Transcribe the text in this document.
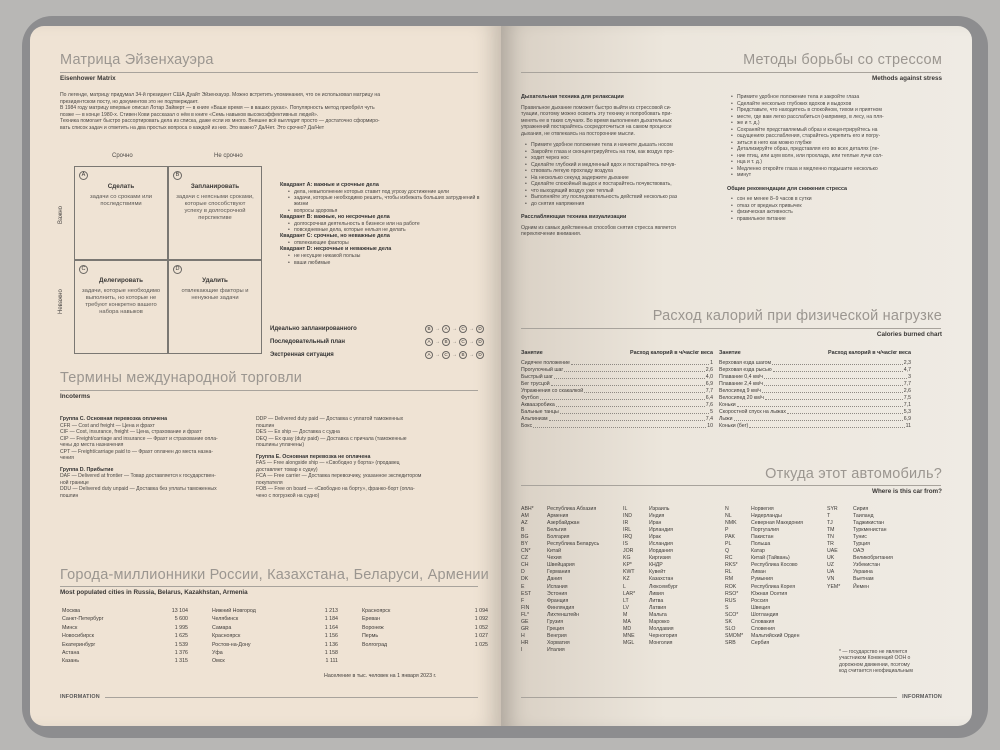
Матрица Эйзенхауэра
Eisenhower Matrix
По легенде, матрицу придумал 34-й президент США Дуайт Эйзенхауэр. Можно встретить упоминания, что он использовал матрицу на
президентском посту, но документов это не подтверждает.
В 1984 году матрицу впервые описал Лотар Зайверт — в книге «Ваше время — в ваших руках». Популярность метод приобрёл чуть
позже — в конце 1980-х. Стивен Кови рассказал о нём в книге «Семь навыков высокоэффективных людей».
Техника помогает быстро рассортировать дела из списка, даже если их много. Внешне всё выглядит просто — достаточно сформиро-
вать список задач и ответить на два простых вопроса о каждой из них. Это важно? Да/Нет. Это срочно? Да/Нет
Срочно	Не срочно
Важно
Неважно
A
Сделать
задачи со сроками или последствиями
B
Запланировать
задачи с неясными сроками, которые способствуют успеху в долгосрочной перспективе
C
Делегировать
задачи, которые необходимо выполнить, но которые не требуют конкретно вашего набора навыков
D
Удалить
отвлекающие факторы и ненужные задачи
Квадрант A: важные и срочные дела
• дела, невыполнение которых ставит под угрозу достижение цели
• задачи, которые необходимо решить, чтобы избежать больших затруднений в жизни
• вопросы здоровья
Квадрант B: важные, но несрочные дела
• долгосрочная деятельность в бизнесе или на работе
• повседневные дела, которые нельзя не делать
Квадрант C: срочные, но неважные дела
• отвлекающие факторы
Квадрант D: несрочные и неважные дела
• не несущие никакой пользы
• ваши любимые
Идеально запланированного	B → A → C → D
Последовательный план	A → B → C → D
Экстренная ситуация	A → C → B → D
Термины международной торговли
Incoterms

Группа C. Основная перевозка оплачена

CFR — Cost and freight — Цена и фрахт

CIF — Cost, insurance, freight — Цена, страхование и фрахт

CIP — Freight/carriage and insurance — Фрахт и страхование опла-

чены до места назначения

CPT — Freight/carriage paid to — Фрахт оплачен до места назна-

чения

Группа D. Прибытие

DAF — Delivered at frontier — Товар доставляется к государствен-

ной границе

DDU — Delivered duty unpaid — Доставка без уплаты таможенных

пошлин

DDP — Delivered duty paid — Доставка с уплатой таможенных

пошлин

DES — Ex ship — Доставка с судна

DEQ — Ex quay (duty paid) — Доставка с причала (таможенные

пошлины уплачены)

Группа E. Основная перевозка не оплачена

FAS — Free alongside ship — «Свободно у борта» (продавец

доставляет товар к судну)

FCA — Free carrier — Доставка перевозчику, указанное экспедитором

покупателя

FOB — Free on board — «Свободно на борту», франко-борт (опла-

чено с погрузкой на судно)

Города-миллионники России, Казахстана, Беларуси, Армении
Most populated cities in Russia, Belarus, Kazakhstan, Armenia
Москва	13 104
Санкт-Петербург	5 600
Минск	1 995
Новосибирск	1 625
Екатеринбург	1 539
Астана	1 376
Казань	1 315
Нижний Новгород	1 213
Челябинск	1 184
Самара	1 164
Красноярск	1 156
Ростов-на-Дону	1 136
Уфа	1 158
Омск	1 111
Красноярск	1 094
Ереван	1 092
Воронеж	1 052
Пермь	1 027
Волгоград	1 025
Население в тыс. человек на 1 января 2023 г.
INFORMATION
Методы борьбы со стрессом
Methods against stress
Дыхательная техника для релаксации
Правильное дыхание поможет быстро выйти из стрессовой си-
туации, поэтому можно освоить эту технику и попробовать при-
менять ее в таких случаях. Во время выполнения дыхательных
упражнений постарайтесь сосредоточиться на самом процессе
дыхания, не отвлекаясь на посторонние мысли.
• Примите удобное положение тела и начните дышать носом
• Закройте глаза и сконцентрируйтесь на том, как воздух про-
• ходит через нос
• Сделайте глубокий и медленный вдох и постарайтесь почув-
• ствовать легкую прохладу воздуха
• На несколько секунд задержите дыхание
• Сделайте спокойный выдох и постарайтесь почувствовать,
• что выходящий воздух уже теплый
• Выполняйте эту последовательность действий несколько раз
• до снятия напряжения
Расслабляющая техника визуализации
Одним из самых действенных способов снятия стресса является
переключение внимания.
• Примите удобное положение тела и закройте глаза
• Сделайте несколько глубоких вдохов и выдохов
• Представьте, что находитесь в спокойном, тихом и приятном
• месте, где вам легко расслабиться (например, в лесу, на пля-
• же и т. д.)
• Сохраняйте представляемый образ и концентрируйтесь на
• ощущениях расслабления, старайтесь укрепить его и погру-
• зиться в него как можно глубже
• Детализируйте образ, представляя его во всех деталях (ле-
• ние птиц, или шум волн, или прохлада, или теплые лучи сол-
• нца и т. д.)
• Медленно откройте глаза и медленно подышите несколько
• минут
Общие рекомендации для снижения стресса
• сон не менее 8–9 часов в сутки
• отказ от вредных привычек
• физическая активность
• правильное питание
Расход калорий при физической нагрузке
Calories burned chart
Занятие	Расход калорий в ч/час/кг веса
Сидячее положение	1
Прогулочный шаг	2,6
Быстрый шаг	4,0
Бег трусцой	6,9
Упражнения со скакалкой	7,7
Футбол	6,4
Аквааэробика	7,6
Бальные танцы	5
Альпинизм	7,4
Бокс	10
Занятие	Расход калорий в ч/час/кг веса
Верховая езда шагом	2,3
Верховая езда рысью	4,7
Плавание 0,4 км/ч	3
Плавание 2,4 км/ч	7,7
Велосипед 9 км/ч	2,6
Велосипед 20 км/ч	7,5
Коньки	7,1
Скоростной спуск на лыжах	5,3
Лыжи	6,9
Коньки (бег)	11
Откуда этот автомобиль?
Where is this car from?
ABH*	Республика Абхазия
AM	Армения
AZ	Азербайджан
B	Бельгия
BG	Болгария
BY	Республика Беларусь
CN*	Китай
CZ	Чехия
CH	Швейцария
D	Германия
DK	Дания
E	Испания
EST	Эстония
F	Франция
FIN	Финляндия
FL*	Лихтенштейн
GE	Грузия
GR	Греция
H	Венгрия
HR	Хорватия
I	Италия
IL	Израиль
IND	Индия
IR	Иран
IRL	Ирландия
IRQ	Ирак
IS	Исландия
JOR	Иордания
KG	Киргизия
KP*	КНДР
KWT	Кувейт
KZ	Казахстан
L	Люксембург
LAR*	Ливия
LT	Литва
LV	Латвия
M	Мальта
MA	Марокко
MD	Молдавия
MNE	Черногория
MGL	Монголия
N	Норвегия
NL	Нидерланды
NMK	Северная Македония
P	Португалия
PAK	Пакистан
PL	Польша
Q	Катар
RC	Китай (Тайвань)
RKS*	Республика Косово
RL	Ливан
RM	Румыния
ROK	Республика Корея
RSO*	Южная Осетия
RUS	Россия
S	Швеция
SCO*	Шотландия
SK	Словакия
SLO	Словения
SMOM*	Мальтийский Орден
SRB	Сербия
SYR	Сирия
T	Таиланд
TJ	Таджикистан
TM	Туркменистан
TN	Тунис
TR	Турция
UAE	ОАЭ
UK	Великобритания
UZ	Узбекистан
UA	Украина
VN	Вьетнам
YEM*	Йемен
* — государство не является
участником Конвенций ООН о
дорожном движении, поэтому
код считается неофициальным
INFORMATION
